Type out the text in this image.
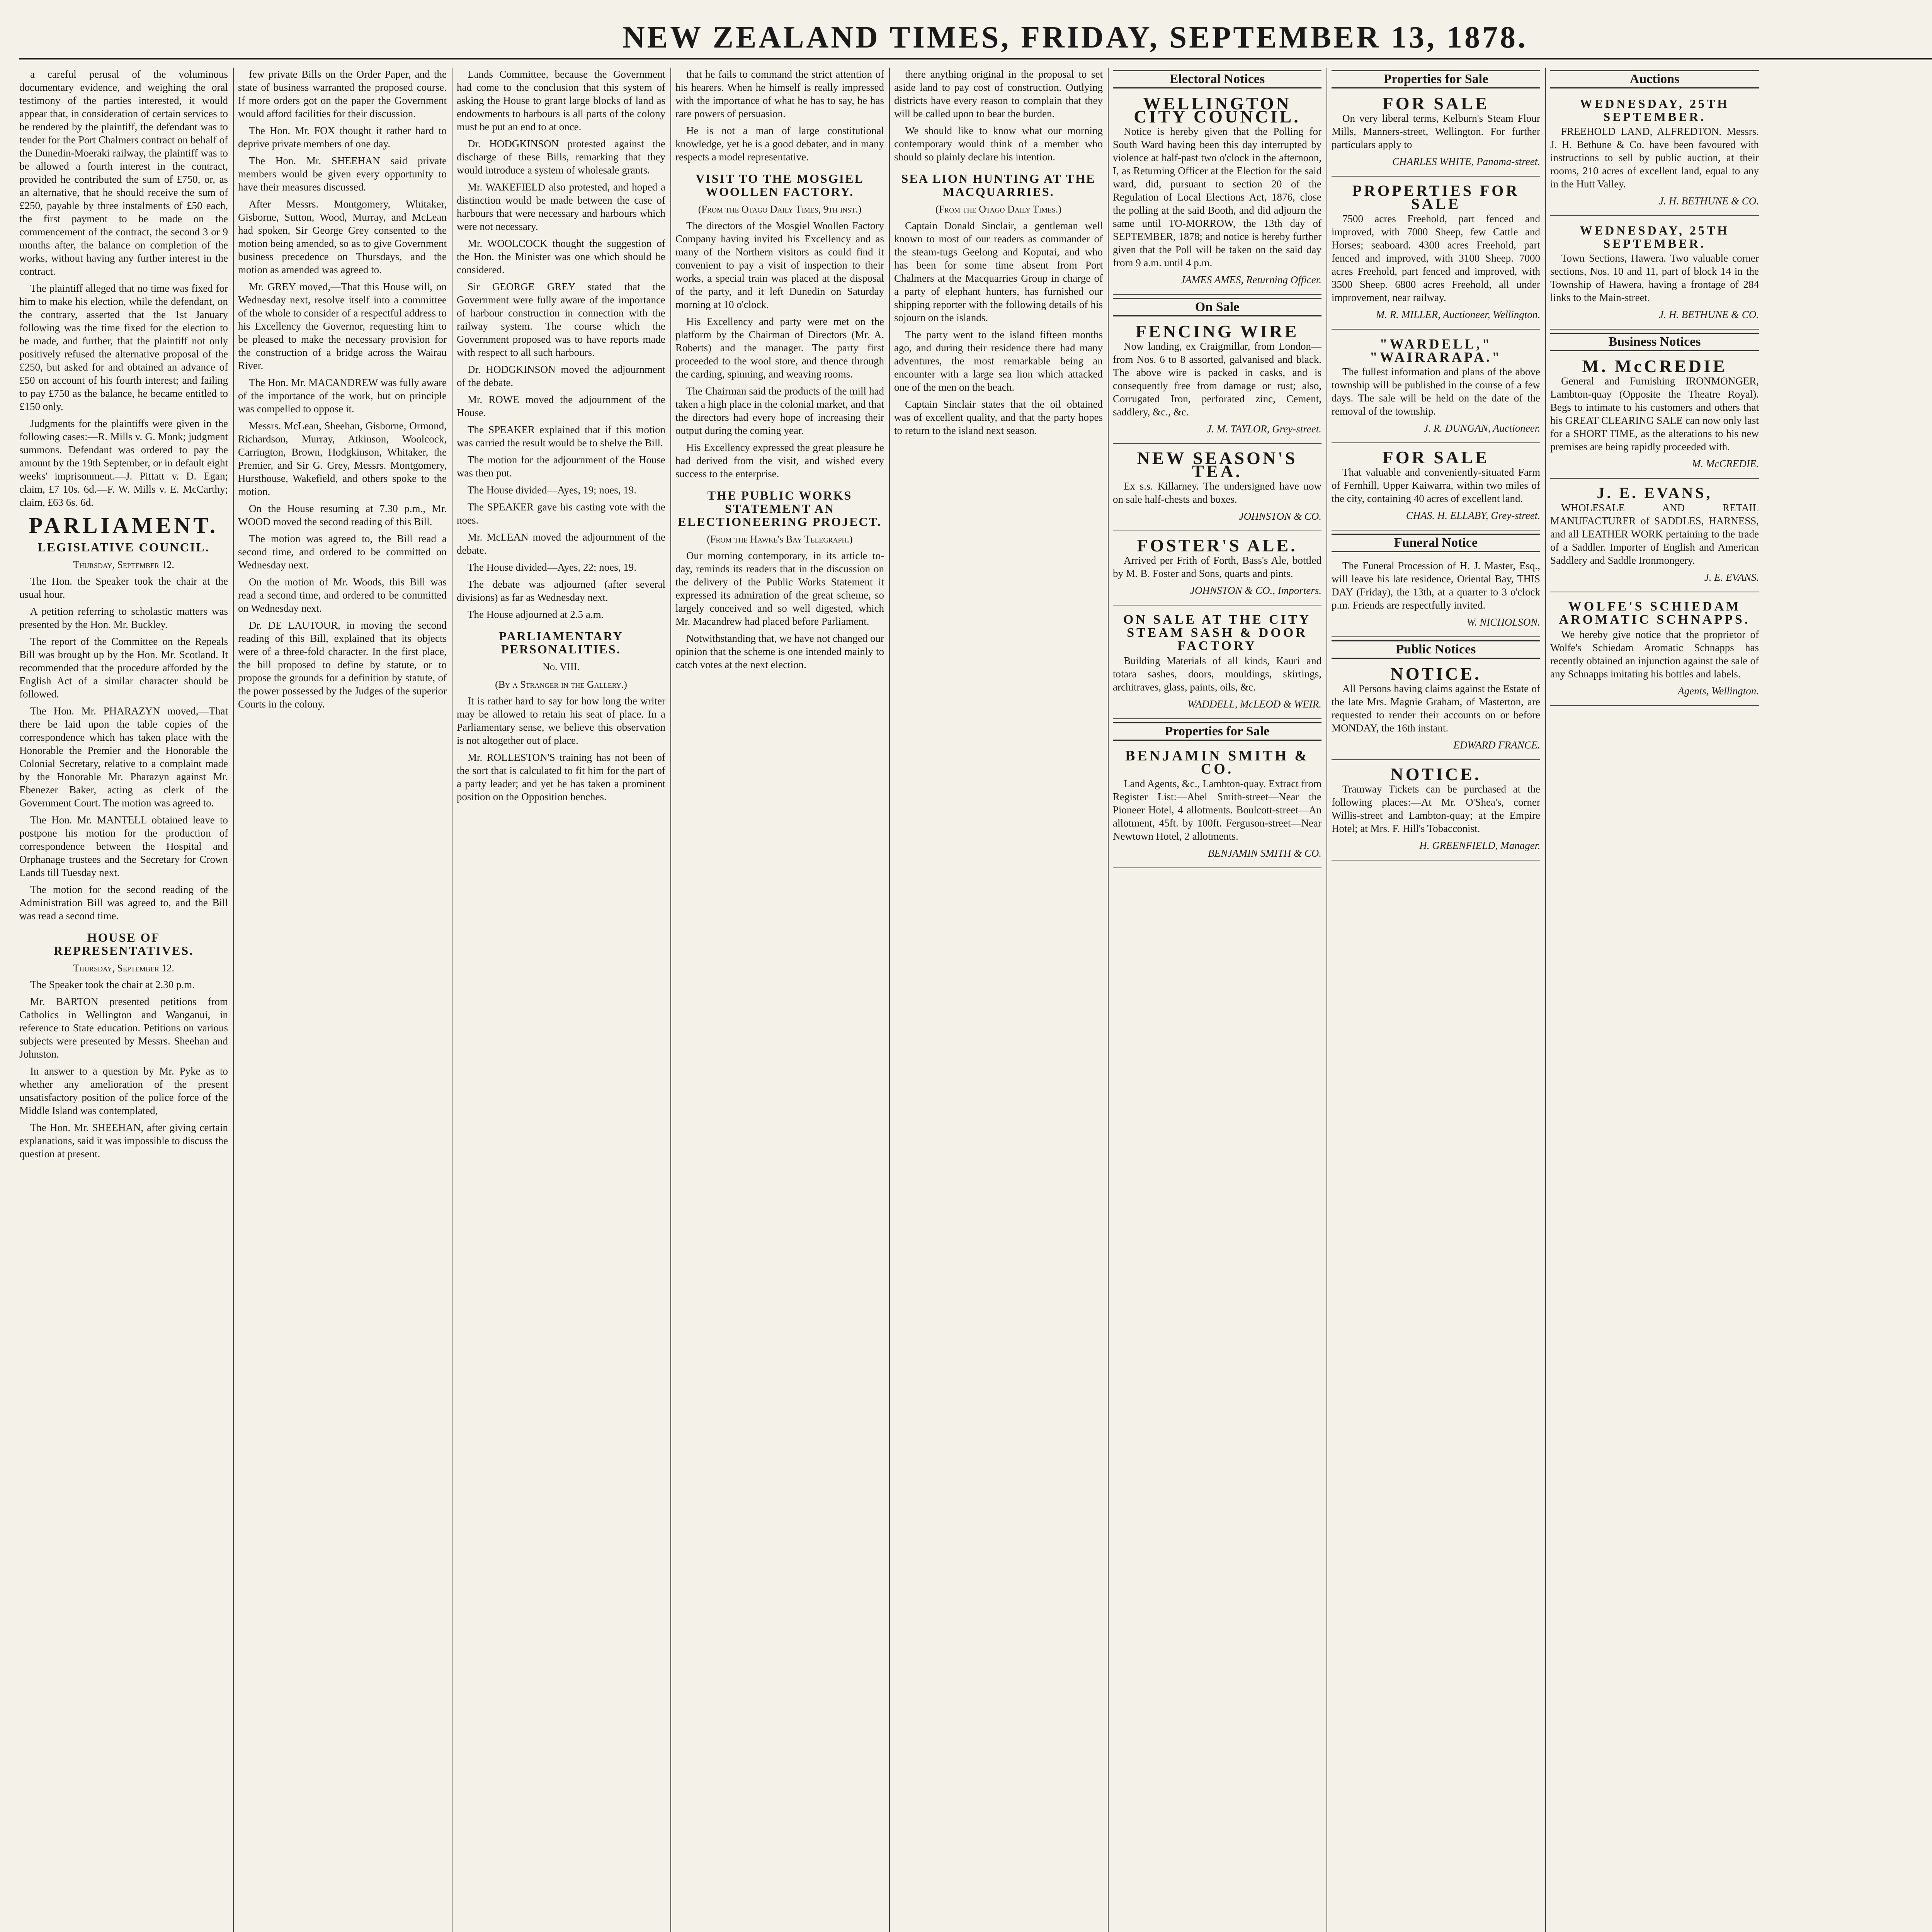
NEW ZEALAND TIMES, FRIDAY, SEPTEMBER 13, 1878.

a careful perusal of the voluminous documentary evidence, and weighing the oral testimony of the parties interested, it would appear that, in consideration of certain services to be rendered by the plaintiff, the defendant was to tender for the Port Chalmers contract on behalf of the Dunedin-Moeraki railway, the plaintiff was to be allowed a fourth interest in the contract, provided he contributed the sum of £750, or, as an alternative, that he should receive the sum of £250, payable by three instalments of £50 each, the first payment to be made on the commencement of the contract, the second 3 or 9 months after, the balance on completion of the works, without having any further interest in the contract.

The plaintiff alleged that no time was fixed for him to make his election, while the defendant, on the contrary, asserted that the 1st January following was the time fixed for the election to be made, and further, that the plaintiff not only positively refused the alternative proposal of the £250, but asked for and obtained an advance of £50 on account of his fourth interest; and failing to pay £750 as the balance, he became entitled to £150 only.

Judgments for the plaintiffs were given in the following cases:—R. Mills v. G. Monk; judgment summons. Defendant was ordered to pay the amount by the 19th September, or in default eight weeks' imprisonment.—J. Pittatt v. D. Egan; claim, £7 10s. 6d.—F. W. Mills v. E. McCarthy; claim, £63 6s. 6d.

PARLIAMENT.
LEGISLATIVE COUNCIL.
Thursday, September 12.

The Hon. the Speaker took the chair at the usual hour.

A petition referring to scholastic matters was presented by the Hon. Mr. Buckley.

The report of the Committee on the Repeals Bill was brought up by the Hon. Mr. Scotland. It recommended that the procedure afforded by the English Act of a similar character should be followed.

The Hon. Mr. PHARAZYN moved,—That there be laid upon the table copies of the correspondence which has taken place with the Honorable the Premier and the Honorable the Colonial Secretary, relative to a complaint made by the Honorable Mr. Pharazyn against Mr. Ebenezer Baker, acting as clerk of the Government Court. The motion was agreed to.

The Hon. Mr. MANTELL obtained leave to postpone his motion for the production of correspondence between the Hospital and Orphanage trustees and the Secretary for Crown Lands till Tuesday next.

The motion for the second reading of the Administration Bill was agreed to, and the Bill was read a second time.

HOUSE OF REPRESENTATIVES.
Thursday, September 12.

The Speaker took the chair at 2.30 p.m.

Mr. BARTON presented petitions from Catholics in Wellington and Wanganui, in reference to State education. Petitions on various subjects were presented by Messrs. Sheehan and Johnston.

In answer to a question by Mr. Pyke as to whether any amelioration of the present unsatisfactory position of the police force of the Middle Island was contemplated,

The Hon. Mr. SHEEHAN, after giving certain explanations, said it was impossible to discuss the question at present.

few private Bills on the Order Paper, and the state of business warranted the proposed course. If more orders got on the paper the Government would afford facilities for their discussion.

The Hon. Mr. FOX thought it rather hard to deprive private members of one day.

The Hon. Mr. SHEEHAN said private members would be given every opportunity to have their measures discussed.

After Messrs. Montgomery, Whitaker, Gisborne, Sutton, Wood, Murray, and McLean had spoken, Sir George Grey consented to the motion being amended, so as to give Government business precedence on Thursdays, and the motion as amended was agreed to.

Mr. GREY moved,—That this House will, on Wednesday next, resolve itself into a committee of the whole to consider of a respectful address to his Excellency the Governor, requesting him to be pleased to make the necessary provision for the construction of a bridge across the Wairau River.

The Hon. Mr. MACANDREW was fully aware of the importance of the work, but on principle was compelled to oppose it.

Messrs. McLean, Sheehan, Gisborne, Ormond, Richardson, Murray, Atkinson, Woolcock, Carrington, Brown, Hodgkinson, Whitaker, the Premier, and Sir G. Grey, Messrs. Montgomery, Hursthouse, Wakefield, and others spoke to the motion.

On the House resuming at 7.30 p.m., Mr. WOOD moved the second reading of this Bill.

The motion was agreed to, the Bill read a second time, and ordered to be committed on Wednesday next.

On the motion of Mr. Woods, this Bill was read a second time, and ordered to be committed on Wednesday next.

Dr. DE LAUTOUR, in moving the second reading of this Bill, explained that its objects were of a three-fold character. In the first place, the bill proposed to define by statute, or to propose the grounds for a definition by statute, of the power possessed by the Judges of the superior Courts in the colony.

Lands Committee, because the Government had come to the conclusion that this system of asking the House to grant large blocks of land as endowments to harbours is all parts of the colony must be put an end to at once.

Dr. HODGKINSON protested against the discharge of these Bills, remarking that they would introduce a system of wholesale grants.

Mr. WAKEFIELD also protested, and hoped a distinction would be made between the case of harbours that were necessary and harbours which were not necessary.

Mr. WOOLCOCK thought the suggestion of the Hon. the Minister was one which should be considered.

Sir GEORGE GREY stated that the Government were fully aware of the importance of harbour construction in connection with the railway system. The course which the Government proposed was to have reports made with respect to all such harbours.

Dr. HODGKINSON moved the adjournment of the debate.

Mr. ROWE moved the adjournment of the House.

The SPEAKER explained that if this motion was carried the result would be to shelve the Bill.

The motion for the adjournment of the House was then put.

The House divided—Ayes, 19; noes, 19.

The SPEAKER gave his casting vote with the noes.

Mr. McLEAN moved the adjournment of the debate.

The House divided—Ayes, 22; noes, 19.

The debate was adjourned (after several divisions) as far as Wednesday next.

The House adjourned at 2.5 a.m.

PARLIAMENTARY PERSONALITIES.
No. VIII.
(By a Stranger in the Gallery.)

It is rather hard to say for how long the writer may be allowed to retain his seat of place. In a Parliamentary sense, we believe this observation is not altogether out of place.

Mr. ROLLESTON'S training has not been of the sort that is calculated to fit him for the part of a party leader; and yet he has taken a prominent position on the Opposition benches.

that he fails to command the strict attention of his hearers. When he himself is really impressed with the importance of what he has to say, he has rare powers of persuasion.

He is not a man of large constitutional knowledge, yet he is a good debater, and in many respects a model representative.

VISIT TO THE MOSGIEL WOOLLEN FACTORY.
(From the Otago Daily Times, 9th inst.)

The directors of the Mosgiel Woollen Factory Company having invited his Excellency and as many of the Northern visitors as could find it convenient to pay a visit of inspection to their works, a special train was placed at the disposal of the party, and it left Dunedin on Saturday morning at 10 o'clock.

His Excellency and party were met on the platform by the Chairman of Directors (Mr. A. Roberts) and the manager. The party first proceeded to the wool store, and thence through the carding, spinning, and weaving rooms.

The Chairman said the products of the mill had taken a high place in the colonial market, and that the directors had every hope of increasing their output during the coming year.

His Excellency expressed the great pleasure he had derived from the visit, and wished every success to the enterprise.

THE PUBLIC WORKS STATEMENT AN ELECTIONEERING PROJECT.
(From the Hawke's Bay Telegraph.)

Our morning contemporary, in its article to-day, reminds its readers that in the discussion on the delivery of the Public Works Statement it expressed its admiration of the great scheme, so largely conceived and so well digested, which Mr. Macandrew had placed before Parliament.

Notwithstanding that, we have not changed our opinion that the scheme is one intended mainly to catch votes at the next election.

there anything original in the proposal to set aside land to pay cost of construction. Outlying districts have every reason to complain that they will be called upon to bear the burden.

We should like to know what our morning contemporary would think of a member who should so plainly declare his intention.

SEA LION HUNTING AT THE MACQUARRIES.
(From the Otago Daily Times.)

Captain Donald Sinclair, a gentleman well known to most of our readers as commander of the steam-tugs Geelong and Koputai, and who has been for some time absent from Port Chalmers at the Macquarries Group in charge of a party of elephant hunters, has furnished our shipping reporter with the following details of his sojourn on the islands.

The party went to the island fifteen months ago, and during their residence there had many adventures, the most remarkable being an encounter with a large sea lion which attacked one of the men on the beach.

Captain Sinclair states that the oil obtained was of excellent quality, and that the party hopes to return to the island next season.

Electoral Notices
WELLINGTON CITY COUNCIL.

Notice is hereby given that the Polling for South Ward having been this day interrupted by violence at half-past two o'clock in the afternoon, I, as Returning Officer at the Election for the said ward, did, pursuant to section 20 of the Regulation of Local Elections Act, 1876, close the polling at the said Booth, and did adjourn the same until TO-MORROW, the 13th day of SEPTEMBER, 1878; and notice is hereby further given that the Poll will be taken on the said day from 9 a.m. until 4 p.m.

JAMES AMES, Returning Officer.

On Sale
FENCING WIRE

Now landing, ex Craigmillar, from London—from Nos. 6 to 8 assorted, galvanised and black. The above wire is packed in casks, and is consequently free from damage or rust; also, Corrugated Iron, perforated zinc, Cement, saddlery, &c., &c.

J. M. TAYLOR, Grey-street.

NEW SEASON'S TEA.

Ex s.s. Killarney. The undersigned have now on sale half-chests and boxes.

JOHNSTON & CO.

FOSTER'S ALE.

Arrived per Frith of Forth, Bass's Ale, bottled by M. B. Foster and Sons, quarts and pints.

JOHNSTON & CO., Importers.

ON SALE AT THE CITY STEAM SASH & DOOR FACTORY

Building Materials of all kinds, Kauri and totara sashes, doors, mouldings, skirtings, architraves, glass, paints, oils, &c.

WADDELL, McLEOD & WEIR.

Properties for Sale
BENJAMIN SMITH & CO.

Land Agents, &c., Lambton-quay. Extract from Register List:—Abel Smith-street—Near the Pioneer Hotel, 4 allotments. Boulcott-street—An allotment, 45ft. by 100ft. Ferguson-street—Near Newtown Hotel, 2 allotments.

BENJAMIN SMITH & CO.

Properties for Sale
FOR SALE

On very liberal terms, Kelburn's Steam Flour Mills, Manners-street, Wellington. For further particulars apply to

CHARLES WHITE, Panama-street.

PROPERTIES FOR SALE

7500 acres Freehold, part fenced and improved, with 7000 Sheep, few Cattle and Horses; seaboard. 4300 acres Freehold, part fenced and improved, with 3100 Sheep. 7000 acres Freehold, part fenced and improved, with 3500 Sheep. 6800 acres Freehold, all under improvement, near railway.

M. R. MILLER, Auctioneer, Wellington.

"WARDELL," "WAIRARAPA."

The fullest information and plans of the above township will be published in the course of a few days. The sale will be held on the date of the removal of the township.

J. R. DUNGAN, Auctioneer.

FOR SALE

That valuable and conveniently-situated Farm of Fernhill, Upper Kaiwarra, within two miles of the city, containing 40 acres of excellent land.

CHAS. H. ELLABY, Grey-street.

Funeral Notice

The Funeral Procession of H. J. Master, Esq., will leave his late residence, Oriental Bay, THIS DAY (Friday), the 13th, at a quarter to 3 o'clock p.m. Friends are respectfully invited.

W. NICHOLSON.

Public Notices
NOTICE.

All Persons having claims against the Estate of the late Mrs. Magnie Graham, of Masterton, are requested to render their accounts on or before MONDAY, the 16th instant.

EDWARD FRANCE.

NOTICE.

Tramway Tickets can be purchased at the following places:—At Mr. O'Shea's, corner Willis-street and Lambton-quay; at the Empire Hotel; at Mrs. F. Hill's Tobacconist.

H. GREENFIELD, Manager.

Auctions
WEDNESDAY, 25TH SEPTEMBER.

FREEHOLD LAND, ALFREDTON. Messrs. J. H. Bethune & Co. have been favoured with instructions to sell by public auction, at their rooms, 210 acres of excellent land, equal to any in the Hutt Valley.

J. H. BETHUNE & CO.

WEDNESDAY, 25TH SEPTEMBER.

Town Sections, Hawera. Two valuable corner sections, Nos. 10 and 11, part of block 14 in the Township of Hawera, having a frontage of 284 links to the Main-street.

J. H. BETHUNE & CO.

Business Notices
M. McCREDIE

General and Furnishing IRONMONGER, Lambton-quay (Opposite the Theatre Royal). Begs to intimate to his customers and others that his GREAT CLEARING SALE can now only last for a SHORT TIME, as the alterations to his new premises are being rapidly proceeded with.

M. McCREDIE.

J. E. EVANS,

WHOLESALE AND RETAIL MANUFACTURER of SADDLES, HARNESS, and all LEATHER WORK pertaining to the trade of a Saddler. Importer of English and American Saddlery and Saddle Ironmongery.

J. E. EVANS.

WOLFE'S SCHIEDAM AROMATIC SCHNAPPS.

We hereby give notice that the proprietor of Wolfe's Schiedam Aromatic Schnapps has recently obtained an injunction against the sale of any Schnapps imitating his bottles and labels.

Agents, Wellington.
